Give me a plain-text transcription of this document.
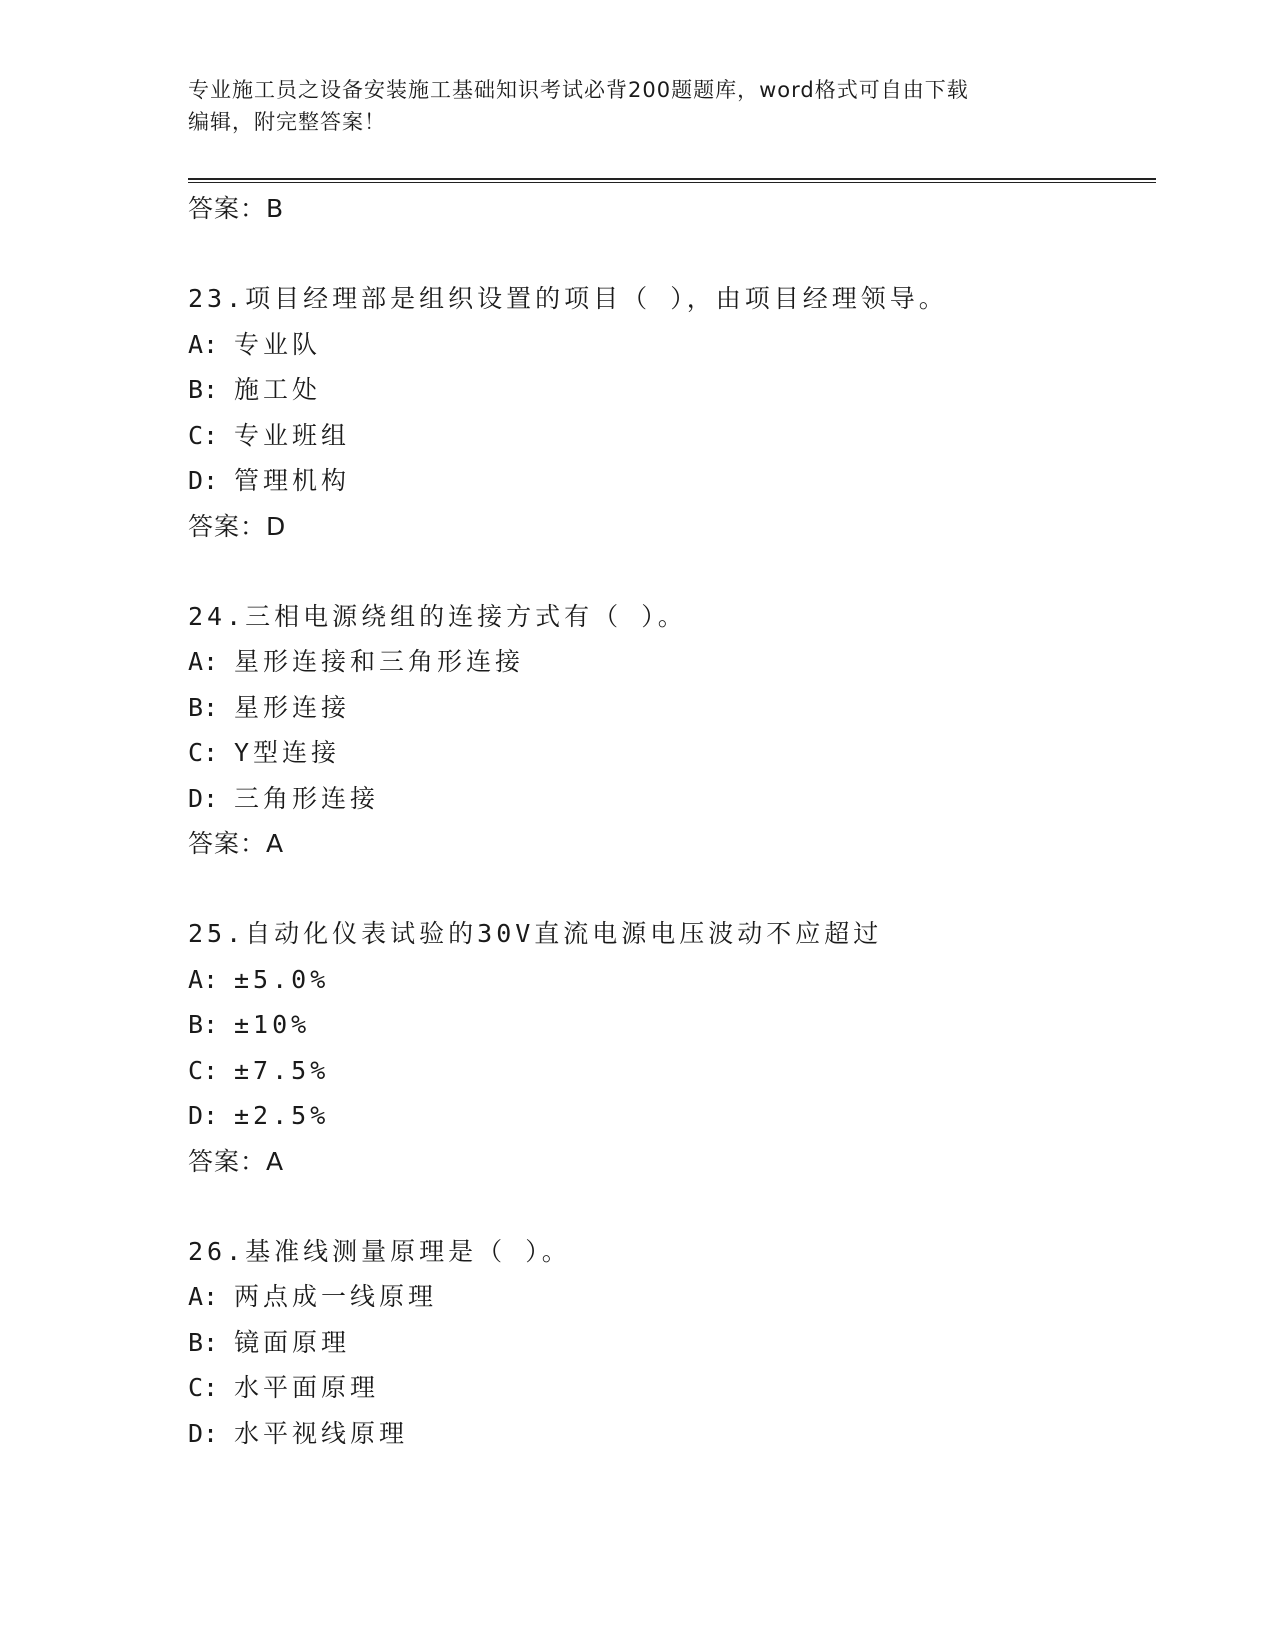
专业施工员之设备安装施工基础知识考试必背200题题库，word格式可自由下载
编辑，附完整答案！
答案：B
23.项目经理部是组织设置的项目（ ），由项目经理领导。
A: 专业队
B: 施工处
C: 专业班组
D: 管理机构
答案：D
24.三相电源绕组的连接方式有（ ）。
A: 星形连接和三角形连接
B: 星形连接
C: Y型连接
D: 三角形连接
答案：A
25.自动化仪表试验的30V直流电源电压波动不应超过
A: ±5.0%
B: ±10%
C: ±7.5%
D: ±2.5%
答案：A
26.基准线测量原理是（ ）。
A: 两点成一线原理
B: 镜面原理
C: 水平面原理
D: 水平视线原理
